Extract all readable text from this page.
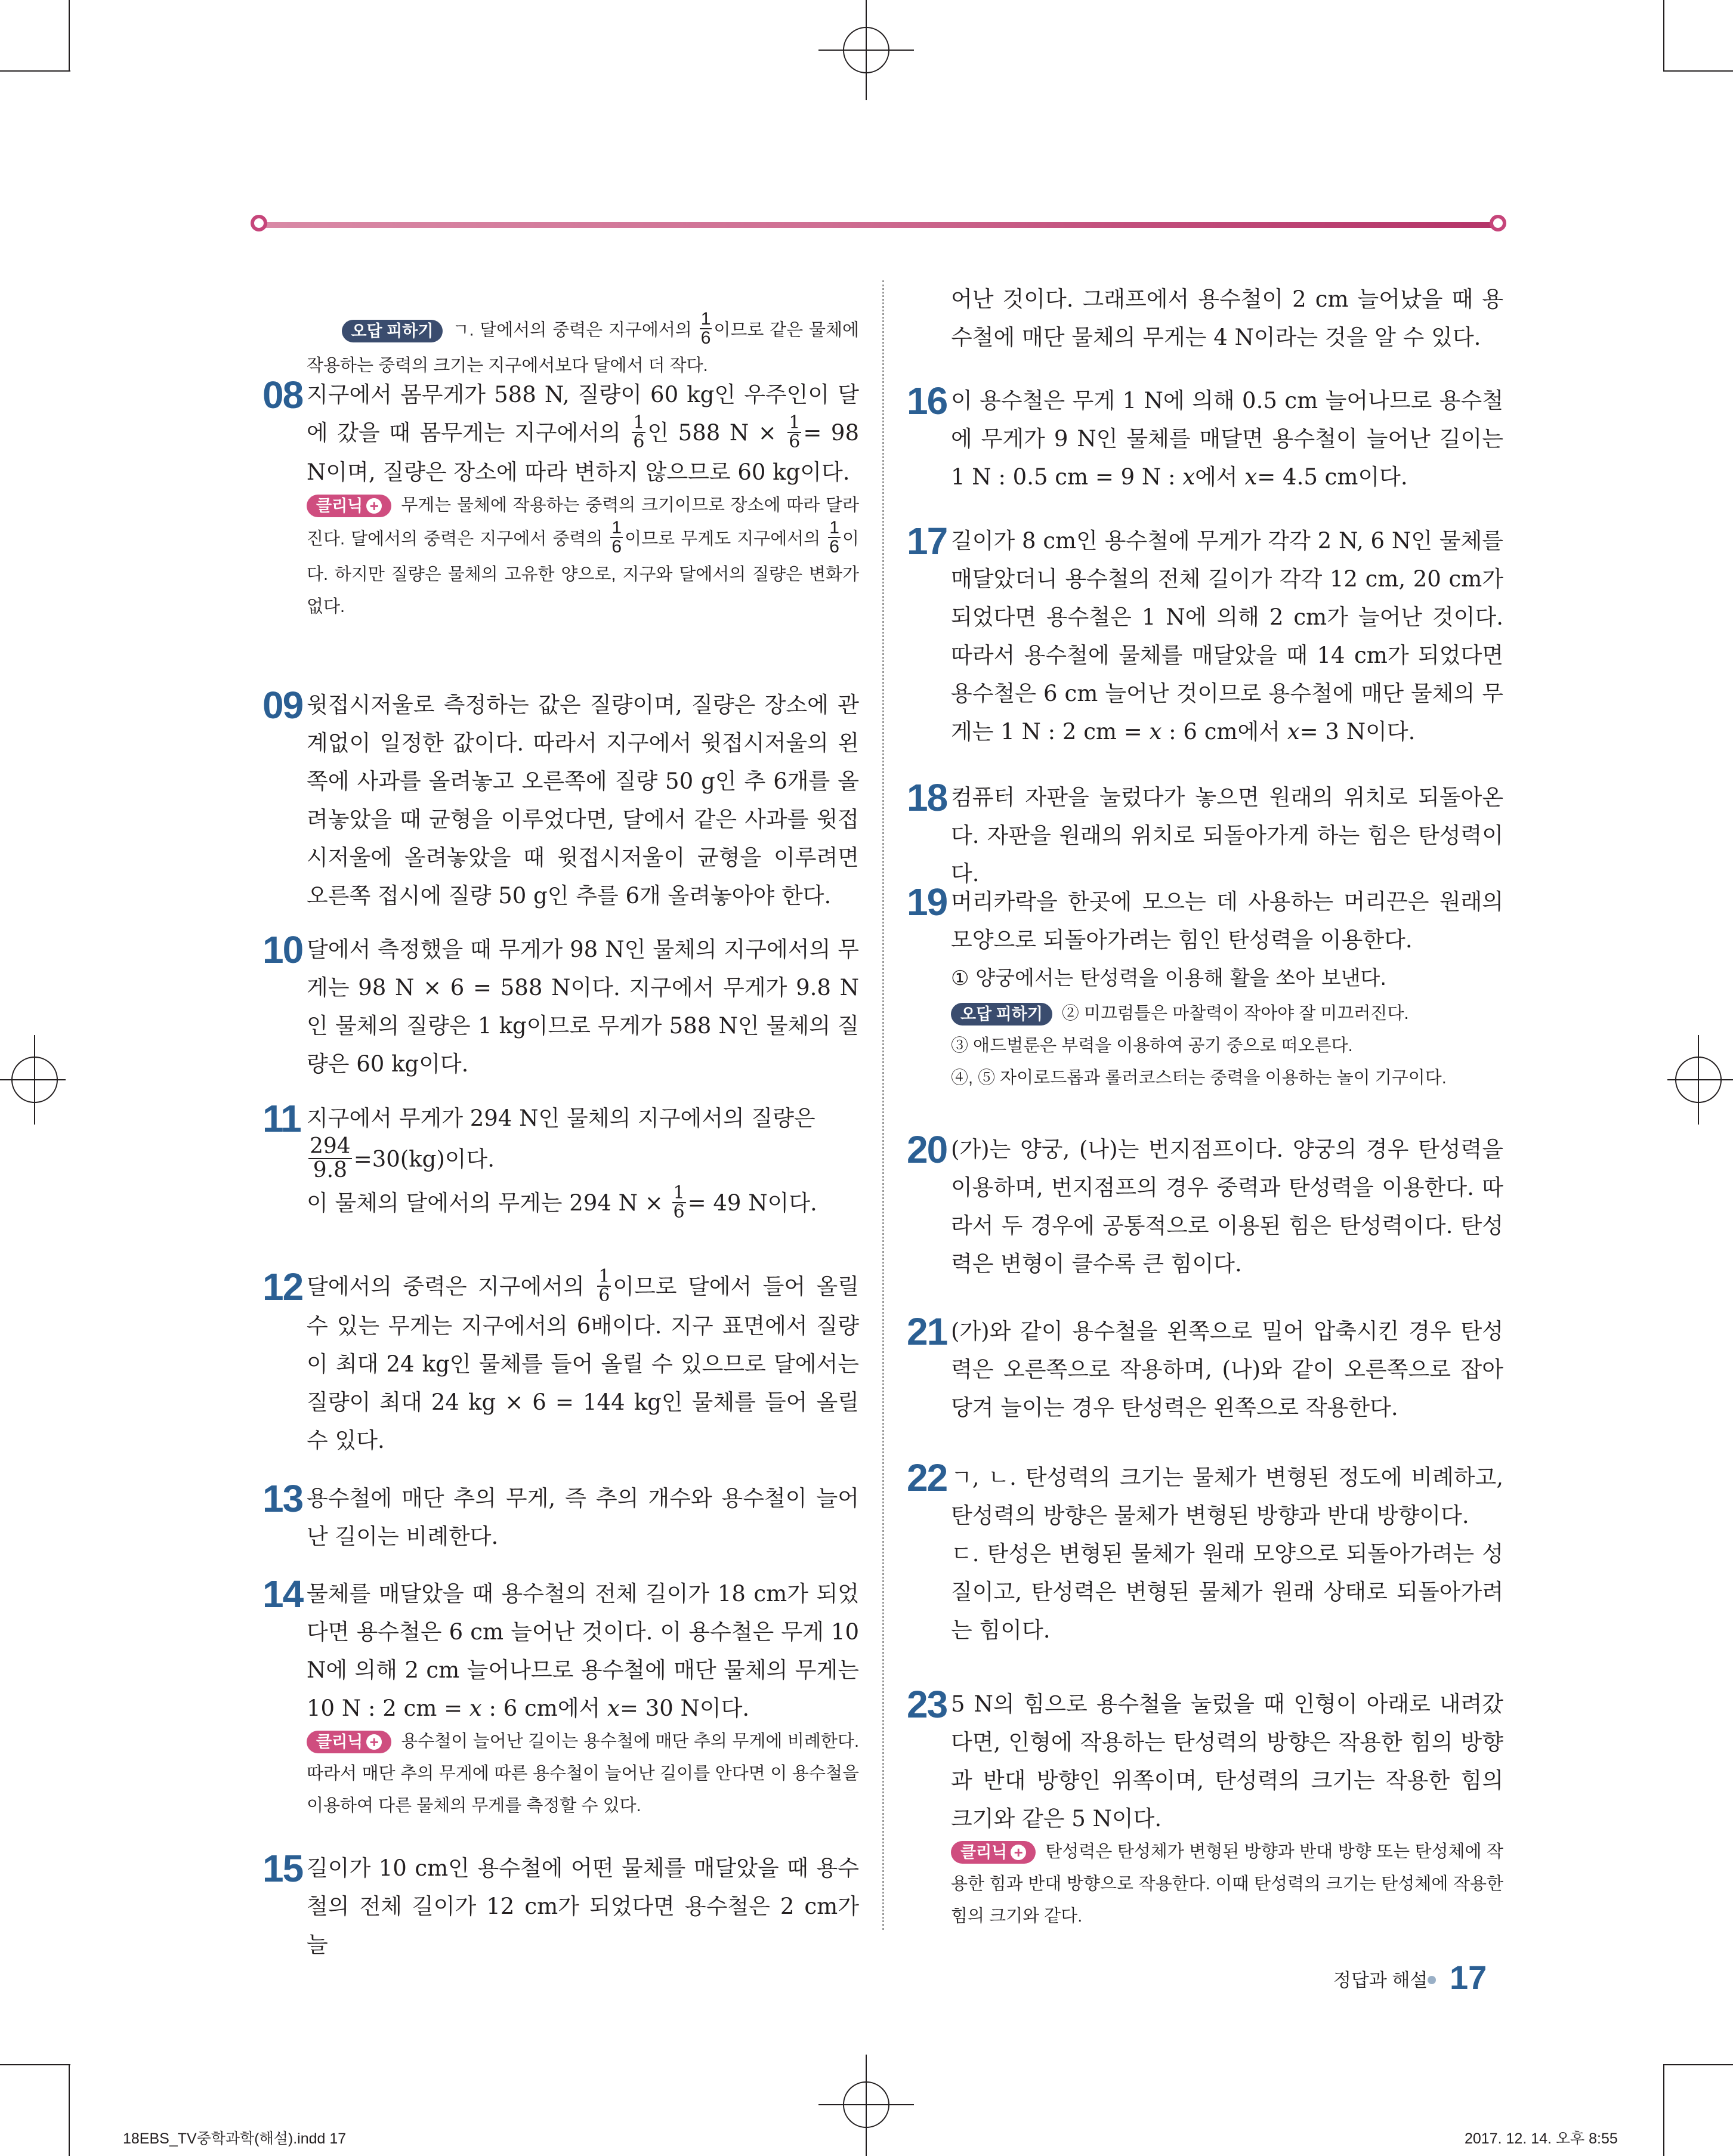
오답 피하기 ㄱ. 달에서의 중력은 지구에서의 $\frac{1}{6}$ 이므로 같은 물체에 작용하는 중력의 크기는 지구에서보다 달에서 더 작다.

08 지구에서 몸무게가 588 N, 질량이 60 kg인 우주인이 달에 갔을 때 몸무게는 지구에서의 $\frac{1}{6}$ 인 588 $N \times \frac{1}{6} = 98$ N이며, 질량은 장소에 따라 변하지 않으므로 60 kg이다.
클리닉 + 무게는 물체에 작용하는 중력의 크기이므로 장소에 따라 달라진다. 달에서의 중력은 지구에서 중력의 $\frac{1}{6}$ 이므로 무게도 지구에서의 $\frac{1}{6}$ 이다. 하지만 질량은 물체의 고유한 양으로, 지구와 달에서의 질량은 변화가 없다.
09 윗접시저울로 측정하는 값은 질량이며, 질량은 장소에 관계없이 일정한 값이다. 따라서 지구에서 윗접시저울의 왼쪽에 사과를 올려놓고 오른쪽에 질량 50 g인 추 6개를 올려놓았을 때 균형을 이루었다면, 달에서 같은 사과를 윗접시저울에 올려놓았을 때 윗접시저울이 균형을 이루려면 오른쪽 접시에 질량 50 g인 추를 6개 올려놓아야 한다.
10 달에서 측정했을 때 무게가 98 N인 물체의 지구에서의 무게는 98 N × 6 = 588 N이다. 지구에서 무게가 9.8 N인 물체의 질량은 1 kg이므로 무게가 588 N인 물체의 질량은 60 kg이다.
11 지구에서 무게가 294 N인 물체의 지구에서의 질량은

$\frac{294}{9.8} =30(kg)$이다.
이 물체의 달에서의 무게는 294 $N \times \frac{1}{6} = 49$ N이다.
12 달에서의 중력은 지구에서의 $\frac{1}{6}$ 이므로 달에서 들어 올릴 수 있는 무게는 지구에서의 6배이다. 지구 표면에서 질량이 최대 24 kg인 물체를 들어 올릴 수 있으므로 달에서는 질량이 최대 24 kg × 6 = 144 kg인 물체를 들어 올릴 수 있다.
13 용수철에 매단 추의 무게, 즉 추의 개수와 용수철이 늘어난 길이는 비례한다.
14 물체를 매달았을 때 용수철의 전체 길이가 18 cm가 되었다면 용수철은 6 cm 늘어난 것이다. 이 용수철은 무게 10 N에 의해 2 cm 늘어나므로 용수철에 매단 물체의 무게는 10 N : 2 cm = x : 6 cm에서 x= 30 N이다.
클리닉 + 용수철이 늘어난 길이는 용수철에 매단 추의 무게에 비례한다. 따라서 매단 추의 무게에 따른 용수철이 늘어난 길이를 안다면 이 용수철을 이용하여 다른 물체의 무게를 측정할 수 있다.
15 길이가 10 cm인 용수철에 어떤 물체를 매달았을 때 용수철의 전체 길이가 12 cm가 되었다면 용수철은 2 cm가 늘
어난 것이다. 그래프에서 용수철이 2 cm 늘어났을 때 용수철에 매단 물체의 무게는 4 N이라는 것을 알 수 있다.
16 이 용수철은 무게 1 N에 의해 0.5 cm 늘어나므로 용수철에 무게가 9 N인 물체를 매달면 용수철이 늘어난 길이는 1 N : 0.5 cm = 9 N : x에서 x= 4.5 cm이다.
17 길이가 8 cm인 용수철에 무게가 각각 2 N, 6 N인 물체를 매달았더니 용수철의 전체 길이가 각각 12 cm, 20 cm가 되었다면 용수철은 1 N에 의해 2 cm가 늘어난 것이다. 따라서 용수철에 물체를 매달았을 때 14 cm가 되었다면 용수철은 6 cm 늘어난 것이므로 용수철에 매단 물체의 무게는 1 N : 2 cm = x : 6 cm에서 x= 3 N이다.
18 컴퓨터 자판을 눌렀다가 놓으면 원래의 위치로 되돌아온다. 자판을 원래의 위치로 되돌아가게 하는 힘은 탄성력이다.
19 머리카락을 한곳에 모으는 데 사용하는 머리끈은 원래의 모양으로 되돌아가려는 힘인 탄성력을 이용한다.
① 양궁에서는 탄성력을 이용해 활을 쏘아 보낸다.
오답 피하기 ② 미끄럼틀은 마찰력이 작아야 잘 미끄러진다.
③ 애드벌룬은 부력을 이용하여 공기 중으로 떠오른다.
④, ⑤ 자이로드롭과 롤러코스터는 중력을 이용하는 놀이 기구이다.
20 (가)는 양궁, (나)는 번지점프이다. 양궁의 경우 탄성력을 이용하며, 번지점프의 경우 중력과 탄성력을 이용한다. 따라서 두 경우에 공통적으로 이용된 힘은 탄성력이다. 탄성력은 변형이 클수록 큰 힘이다.
21 (가)와 같이 용수철을 왼쪽으로 밀어 압축시킨 경우 탄성력은 오른쪽으로 작용하며, (나)와 같이 오른쪽으로 잡아당겨 늘이는 경우 탄성력은 왼쪽으로 작용한다.
22 ㄱ, ㄴ. 탄성력의 크기는 물체가 변형된 정도에 비례하고, 탄성력의 방향은 물체가 변형된 방향과 반대 방향이다.
ㄷ. 탄성은 변형된 물체가 원래 모양으로 되돌아가려는 성질이고, 탄성력은 변형된 물체가 원래 상태로 되돌아가려는 힘이다.
23 5 N의 힘으로 용수철을 눌렀을 때 인형이 아래로 내려갔다면, 인형에 작용하는 탄성력의 방향은 작용한 힘의 방향과 반대 방향인 위쪽이며, 탄성력의 크기는 작용한 힘의 크기와 같은 5 N이다.
클리닉 + 탄성력은 탄성체가 변형된 방향과 반대 방향 또는 탄성체에 작용한 힘과 반대 방향으로 작용한다. 이때 탄성력의 크기는 탄성체에 작용한 힘의 크기와 같다.
정답과 해설 17
18EBS_TV중학과학(해설).indd 17	2017. 12. 14. 오후 8:55
